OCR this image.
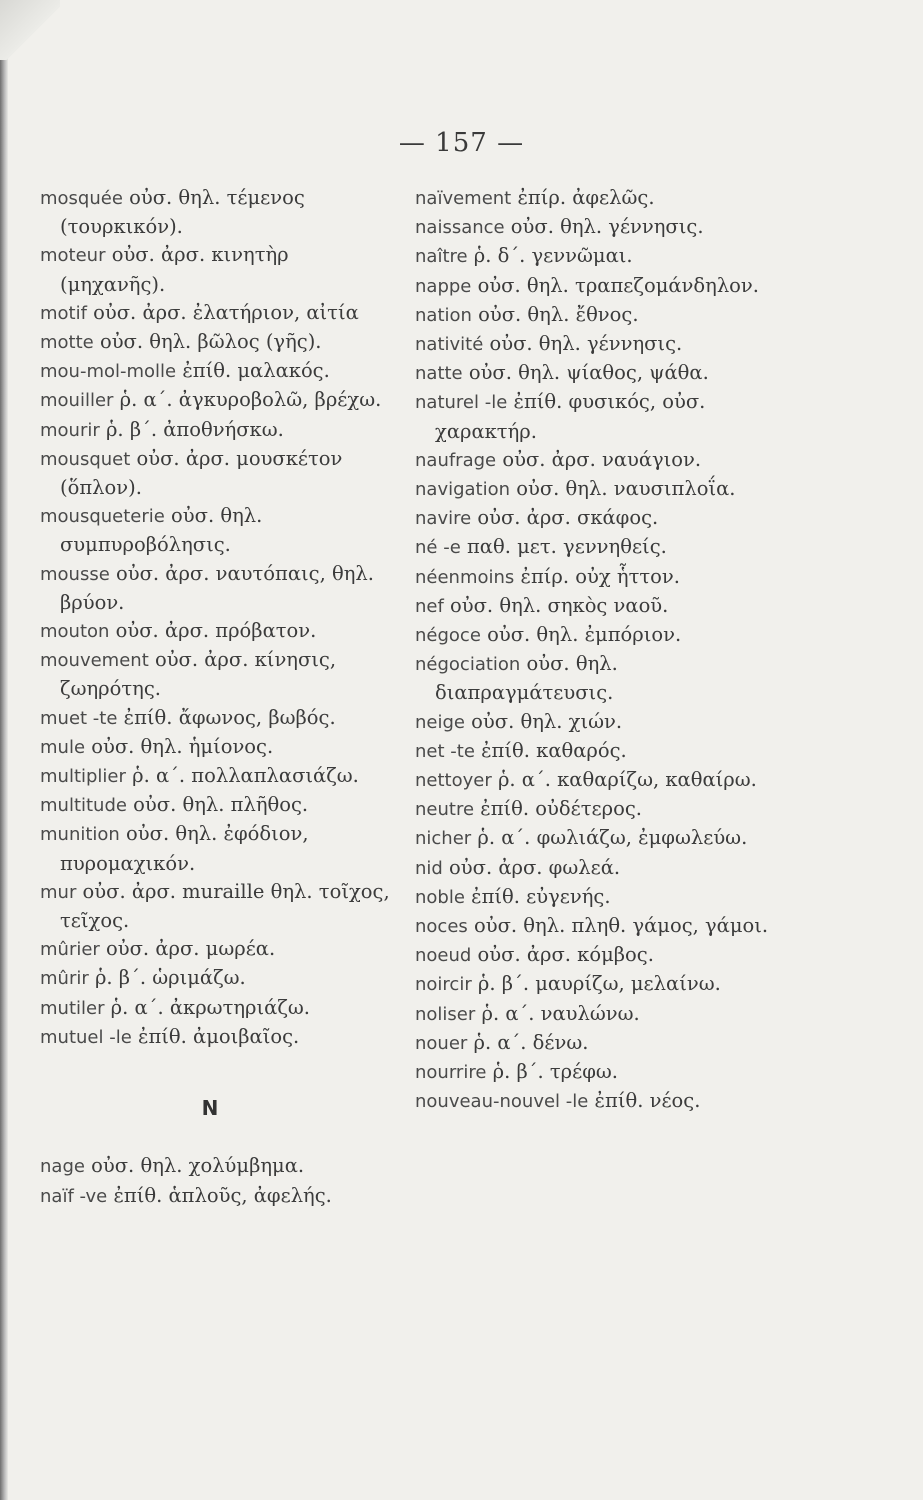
— 157 —
mosquée οὐσ. θηλ. τέμενος (τουρκικόν).
moteur οὐσ. ἀρσ. κινητὴρ (μηχανῆς).
motif οὐσ. ἀρσ. ἐλατήριον, αἰτία
motte οὐσ. θηλ. βῶλος (γῆς).
mou-mol-molle ἐπίθ. μαλακός.
mouiller ῥ. α΄. ἀγκυροβολῶ, βρέχω.
mourir ῥ. β΄. ἀποθνήσκω.
mousquet οὐσ. ἀρσ. μουσκέτον (ὅπλον).
mousqueterie οὐσ. θηλ. συμπυροβόλησις.
mousse οὐσ. ἀρσ. ναυτόπαις, θηλ. βρύον.
mouton οὐσ. ἀρσ. πρόβατον.
mouvement οὐσ. ἀρσ. κίνησις, ζωηρότης.
muet -te ἐπίθ. ἄφωνος, βωβός.
mule οὐσ. θηλ. ἡμίονος.
multiplier ῥ. α΄. πολλαπλασιάζω.
multitude οὐσ. θηλ. πλῆθος.
munition οὐσ. θηλ. ἐφόδιον, πυρομαχικόν.
mur οὐσ. ἀρσ. muraille θηλ. τοῖχος, τεῖχος.
mûrier οὐσ. ἀρσ. μωρέα.
mûrir ῥ. β΄. ὡριμάζω.
mutiler ῥ. α΄. ἀκρωτηριάζω.
mutuel -le ἐπίθ. ἀμοιβαῖος.
N
nage οὐσ. θηλ. χολύμβημα.
naïf -ve ἐπίθ. ἁπλοῦς, ἀφελής.
naïvement ἐπίρ. ἀφελῶς.
naissance οὐσ. θηλ. γέννησις.
naître ῥ. δ΄. γεννῶμαι.
nappe οὐσ. θηλ. τραπεζομάνδηλον.
nation οὐσ. θηλ. ἔθνος.
nativité οὐσ. θηλ. γέννησις.
natte οὐσ. θηλ. ψίαθος, ψάθα.
naturel -le ἐπίθ. φυσικός, οὐσ. χαρακτήρ.
naufrage οὐσ. ἀρσ. ναυάγιον.
navigation οὐσ. θηλ. ναυσιπλοΐα.
navire οὐσ. ἀρσ. σκάφος.
né -e παθ. μετ. γεννηθείς.
néenmoins ἐπίρ. οὐχ ἧττον.
nef οὐσ. θηλ. σηκὸς ναοῦ.
négoce οὐσ. θηλ. ἐμπόριον.
négociation οὐσ. θηλ. διαπραγμάτευσις.
neige οὐσ. θηλ. χιών.
net -te ἐπίθ. καθαρός.
nettoyer ῥ. α΄. καθαρίζω, καθαίρω.
neutre ἐπίθ. οὐδέτερος.
nicher ῥ. α΄. φωλιάζω, ἐμφωλεύω.
nid οὐσ. ἀρσ. φωλεά.
noble ἐπίθ. εὐγενής.
noces οὐσ. θηλ. πληθ. γάμος, γάμοι.
noeud οὐσ. ἀρσ. κόμβος.
noircir ῥ. β΄. μαυρίζω, μελαίνω.
noliser ῥ. α΄. ναυλώνω.
nouer ῥ. α΄. δένω.
nourrire ῥ. β΄. τρέφω.
nouveau-nouvel -le ἐπίθ. νέος.
